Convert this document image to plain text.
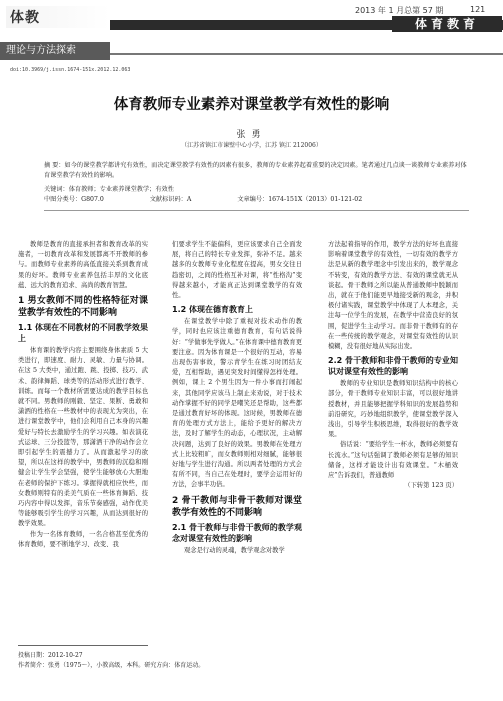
2013 年 1 月总第 57 期
体教
121
体育教育
理论与方法探索
doi:10.3969/j.issn.1674-151x.2012.12.063
体育教师专业素养对课堂教学有效性的影响
张勇
（江苏省镇江市谏壁中心小学，江苏 镇江 212006）
摘 要：如今的课堂教学都讲究有效性，而决定课堂教学有效性的因素有很多，教师的专业素养起着重要的决定因素。笔者通过几点谈一谈教师专业素养对体育课堂教学有效性的影响。
关键词：体育教师；专业素养课堂教学；有效性
中图分类号：G807.0	文献标识码：A	文章编号：1674-151X（2013）01-121-02

教师是教育的直接承担者和教育改革的实施者，一切教育改革和发展都离不开教师的参与。而教师专业素养的高低直接关系到教育成果的好坏。教师专业素养包括丰厚的文化底蕴、远大的教育追求、高尚的教育智慧。

1 男女教师不同的性格特征对课堂教学有效性的不同影响
1.1 体现在不同教材的不同教学效果上

体育课的教学内容主要围绕身体素质 5 大类进行，即速度、耐力、灵敏、力量与协调。在这 5 大类中，通过跑、跳、投掷、技巧、武术、韵律舞蹈、球类等的活动形式进行教学、训练。而每一个教材所需要达成的教学目标也就不同。男教师的刚毅、坚定、果断、勇敢和潇洒的性格在一些教材中的表现尤为突出，在进行课堂教学中，他们会利用自己本身的兴趣爱好与特长去激励学生的学习兴趣。如表演花式运球、三分投篮等，那潇洒干净的动作会立即引起学生的震撼力了。从而激起学习的欲望，所以在这样的教学中，男教师的沉稳和刚健会让学生学会坚强，使学生能够放心大胆地在老师的保护下练习。掌握得就相应快些，而女教师则特有的柔美气质在一些体育舞蹈、技巧内容中得以发挥，音乐节奏感强，动作优美等能够吸引学生的学习兴趣，从而达到很好的教学效果。

作为一名体育教师，一名合格甚至优秀的体育教师，要不断地学习、改变、我

们要求学生不能偏科，更应该要求自己全面发展，将自己的特长专业发挥，弥补不足。越来越多的女教师专业化程度在提高，男女交往日趋密切，之间的性格互补对课，将“性格沟”变得越来越小，才能真正达到课堂教学的有效性。

1.2 体现在德育教育上

在课堂教学中除了重视对技术动作的教学，同时也应该注重德育教育，有句话说得好：“学做事先学做人。”在体育课中德育教育更要注意。因为体育课是一个很好的互动，容易出现伤害事故，警示青学生在练习时团结友爱，互相帮助，遇见突发时间懂得怎样处理。例如，课上 2 个男生因为一件小事而打闹起来，其他同学应该马上制止来劝说，对于技术动作掌握不好的同学是嘲笑还是帮助，这些都是通过教育好坏的体现。这时候，男教师在德育的处理方式方法上，能给予更好的解决方法，及时了解学生的动态，心理状况，主动解决问题，达到了良好的效果。男教师在处理方式上比较粗旷，而女教师则相对细腻，能够很好地与学生进行沟通。所以两者处理的方式会有所不同，当自己在处理时，要学会运用好的方法，会事半功倍。

2 骨干教师与非骨干教师对课堂教学有效性的不同影响
2.1 骨干教师与非骨干教师的教学观念对课堂有效性的影响

观念是行动的灵魂，教学观念对教学

方法起着指导的作用，教学方法的好坏也直接影响着课堂教学的有效性，一切有效的教学方法是从新的教学理念中引发出来的，教学观念不转变，有效的教学方法、有效的课堂就无从谈起。骨干教师之所以能从普通教师中脱颖而出，就在于他们能更早地接受新的观念，并积极付诸实践，课堂教学中体现了人本理念，关注每一位学生的发展，在教学中营造良好的氛围，促进学生主动学习。而非骨干教师有的存在一些传统的教学观念，对课堂有效性的认识模糊，没有很好地从实际出发。

2.2 骨干教师和非骨干教师的专业知识对课堂有效性的影响

教师的专业知识是教师知识结构中的核心部分，骨干教师专业知识丰富，可以很好地讲授教材，并且能够把握学科知识的发展趋势和前沿研究，巧妙地组织教学，使课堂教学深入浅出，引导学生积极思维，取得很好的教学效果。

俗话说：“要给学生一杯水，教师必须要有长流水。”这句话强调了教师必须有足够的知识储备，这样才能设计出有效课堂。“木桶效应”告诉我们，普通教师

（下转第 123 页）

投稿日期：2012-10-27
作者简介：张勇（1975～），小教高级，本科。研究方向：体育运动。
